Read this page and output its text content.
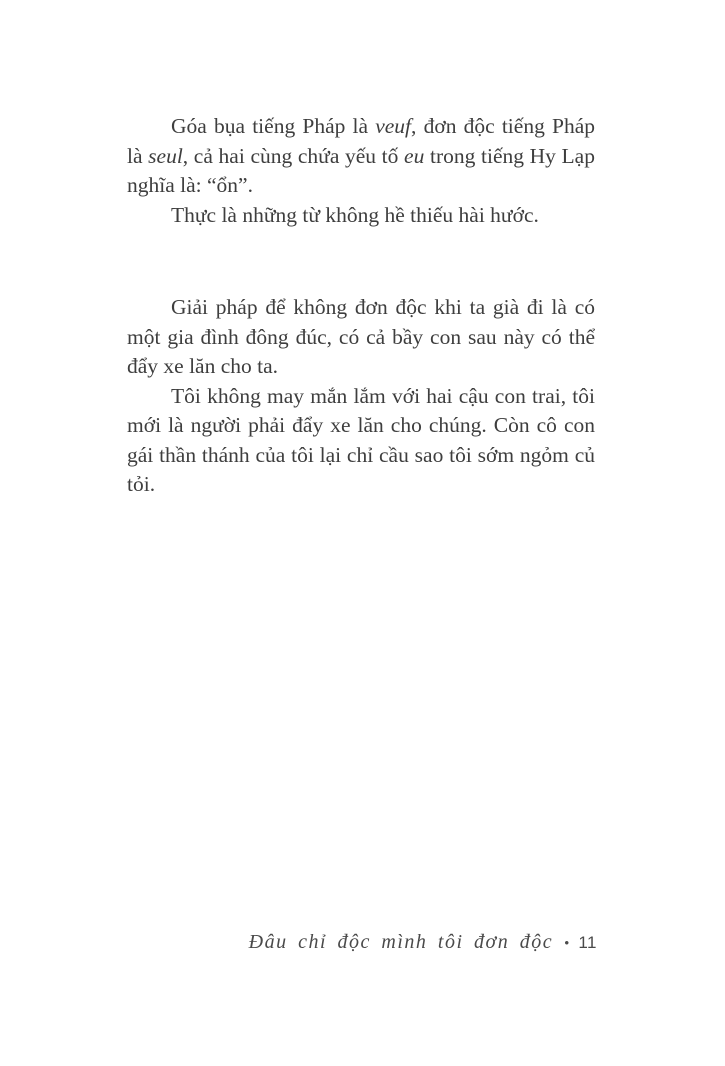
Góa bụa tiếng Pháp là veuf, đơn độc tiếng Pháp là seul, cả hai cùng chứa yếu tố eu trong tiếng Hy Lạp nghĩa là: “ổn”.

Thực là những từ không hề thiếu hài hước.

Giải pháp để không đơn độc khi ta già đi là có một gia đình đông đúc, có cả bầy con sau này có thể đẩy xe lăn cho ta.

Tôi không may mắn lắm với hai cậu con trai, tôi mới là người phải đẩy xe lăn cho chúng. Còn cô con gái thần thánh của tôi lại chỉ cầu sao tôi sớm ngỏm củ tỏi.

Đâu chỉ độc mình tôi đơn độc • 11
